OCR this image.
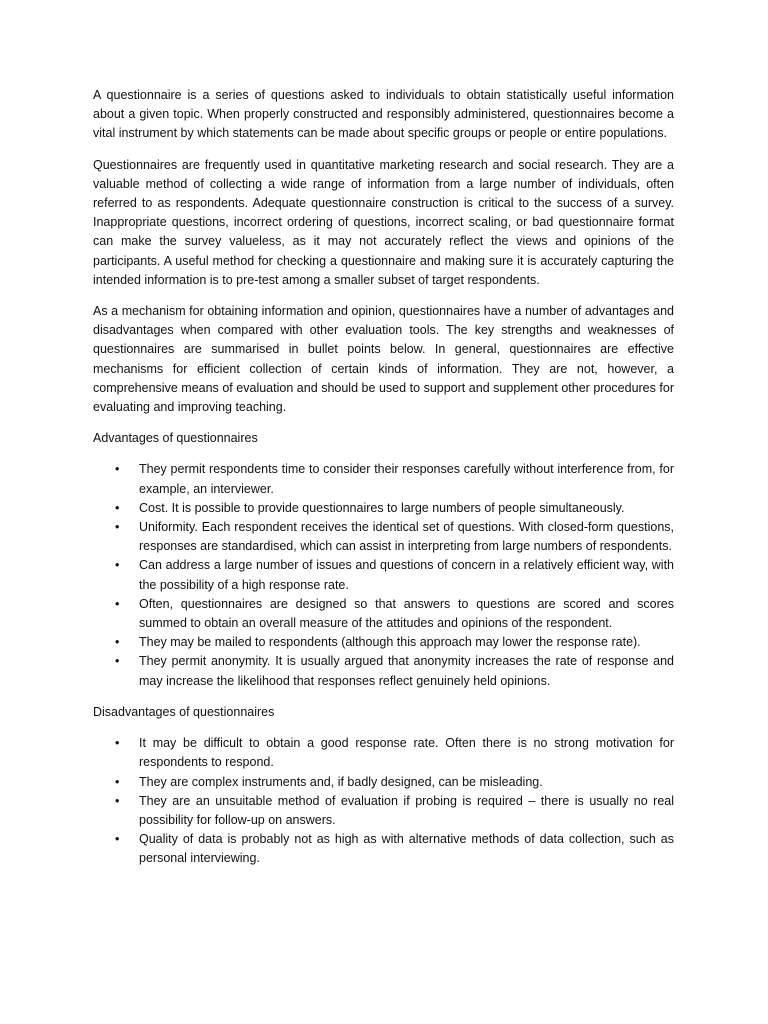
A questionnaire is a series of questions asked to individuals to obtain statistically useful information about a given topic. When properly constructed and responsibly administered, questionnaires become a vital instrument by which statements can be made about specific groups or people or entire populations.

Questionnaires are frequently used in quantitative marketing research and social research. They are a valuable method of collecting a wide range of information from a large number of individuals, often referred to as respondents. Adequate questionnaire construction is critical to the success of a survey. Inappropriate questions, incorrect ordering of questions, incorrect scaling, or bad questionnaire format can make the survey valueless, as it may not accurately reflect the views and opinions of the participants. A useful method for checking a questionnaire and making sure it is accurately capturing the intended information is to pre-test among a smaller subset of target respondents.

As a mechanism for obtaining information and opinion, questionnaires have a number of advantages and disadvantages when compared with other evaluation tools. The key strengths and weaknesses of questionnaires are summarised in bullet points below. In general, questionnaires are effective mechanisms for efficient collection of certain kinds of information. They are not, however, a comprehensive means of evaluation and should be used to support and supplement other procedures for evaluating and improving teaching.

Advantages of questionnaires

• They permit respondents time to consider their responses carefully without interference from, for example, an interviewer.
• Cost. It is possible to provide questionnaires to large numbers of people simultaneously.
• Uniformity. Each respondent receives the identical set of questions. With closed-form questions, responses are standardised, which can assist in interpreting from large numbers of respondents.
• Can address a large number of issues and questions of concern in a relatively efficient way, with the possibility of a high response rate.
• Often, questionnaires are designed so that answers to questions are scored and scores summed to obtain an overall measure of the attitudes and opinions of the respondent.
• They may be mailed to respondents (although this approach may lower the response rate).
• They permit anonymity. It is usually argued that anonymity increases the rate of response and may increase the likelihood that responses reflect genuinely held opinions.

Disadvantages of questionnaires

• It may be difficult to obtain a good response rate. Often there is no strong motivation for respondents to respond.
• They are complex instruments and, if badly designed, can be misleading.
• They are an unsuitable method of evaluation if probing is required – there is usually no real possibility for follow-up on answers.
• Quality of data is probably not as high as with alternative methods of data collection, such as personal interviewing.
